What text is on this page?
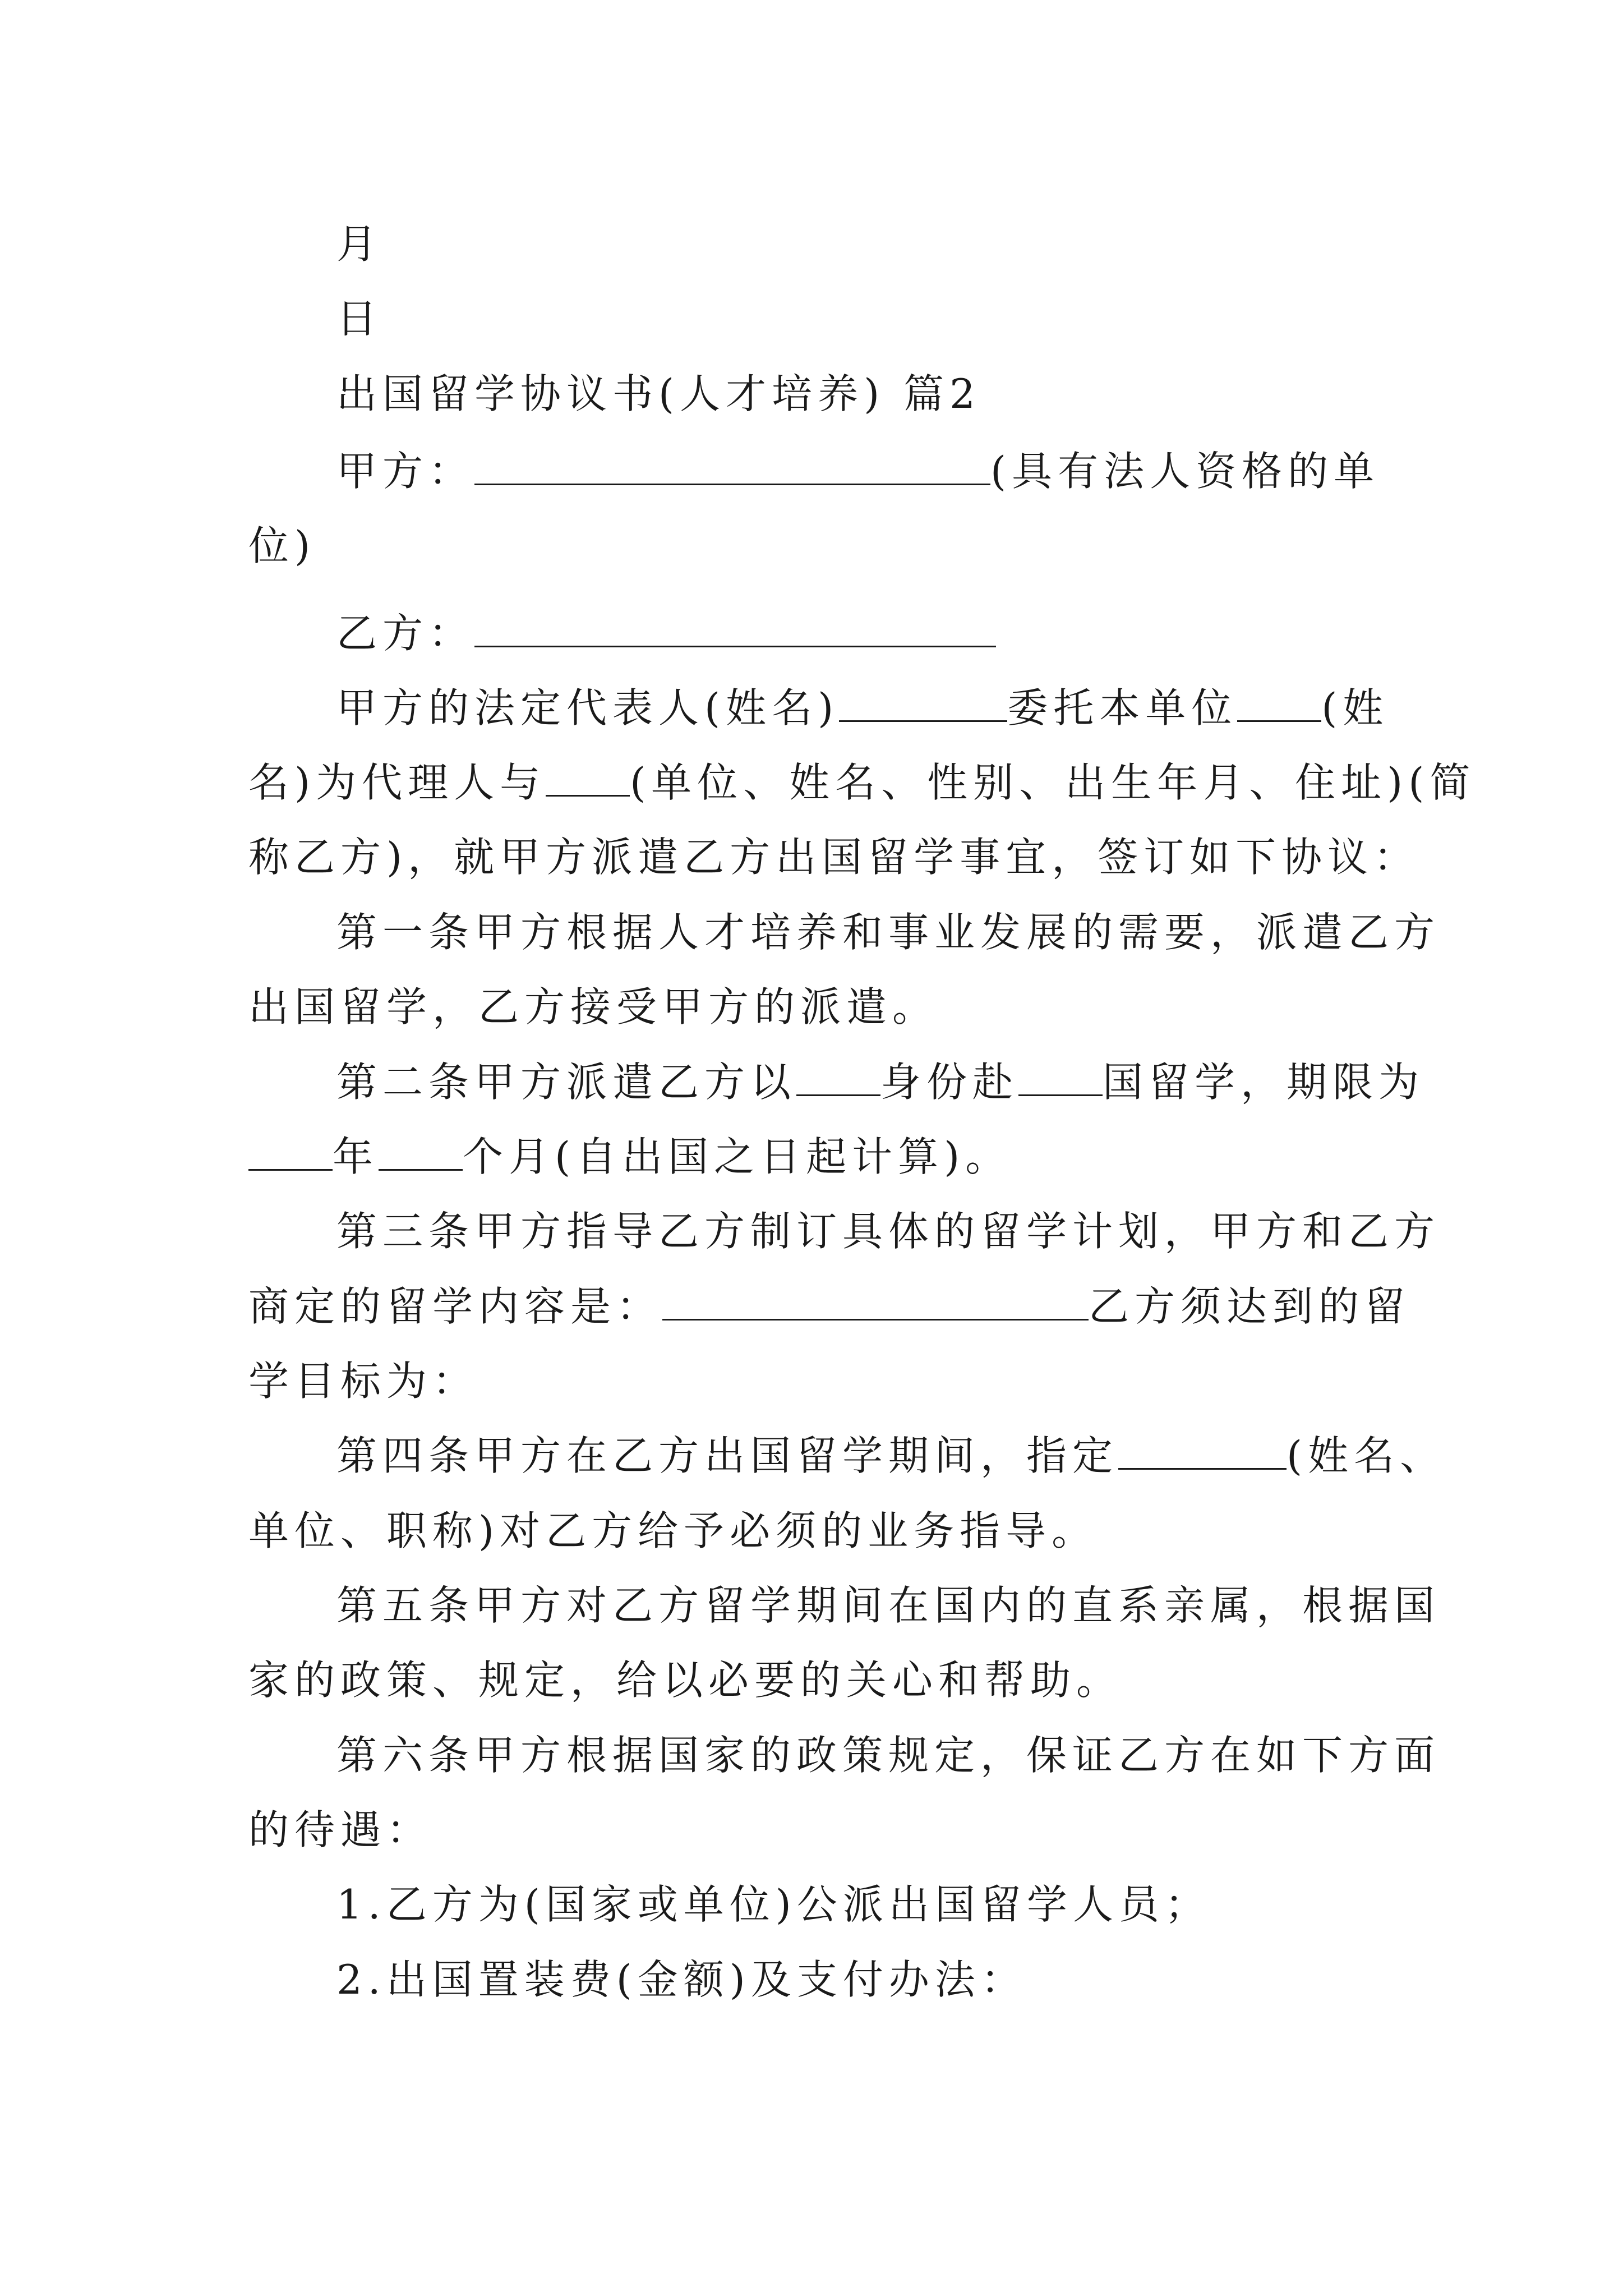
月
日
出国留学协议书(人才培养) 篇2
甲方：	(具有法人资格的单
位)
乙方：
甲方的法定代表人(姓名)	委托本单位 (姓
名)为代理人与 (单位、姓名、性别、出生年月、住址)(简
称乙方)，就甲方派遣乙方出国留学事宜，签订如下协议：
第一条甲方根据人才培养和事业发展的需要，派遣乙方
出国留学，乙方接受甲方的派遣。
第二条甲方派遣乙方以 身份赴 国留学，期限为
年 个月(自出国之日起计算)。
第三条甲方指导乙方制订具体的留学计划，甲方和乙方
商定的留学内容是：	乙方须达到的留
学目标为：
第四条甲方在乙方出国留学期间，指定	(姓名、
单位、职称)对乙方给予必须的业务指导。
第五条甲方对乙方留学期间在国内的直系亲属，根据国
家的政策、规定，给以必要的关心和帮助。
第六条甲方根据国家的政策规定，保证乙方在如下方面
的待遇：
1.乙方为(国家或单位)公派出国留学人员；
2.出国置装费(金额)及支付办法：
